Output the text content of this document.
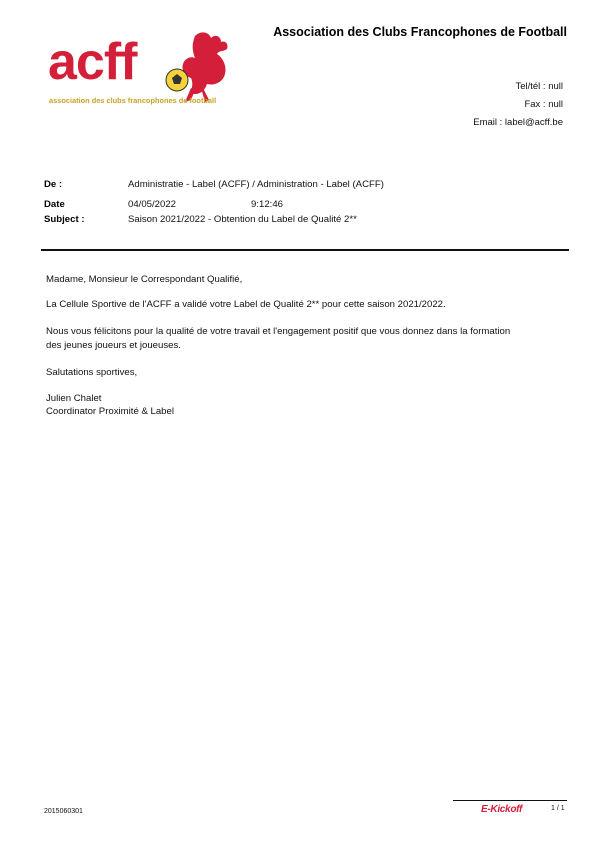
acff
association des clubs francophones de football
Association des Clubs Francophones de Football
Tel/tél : null
Fax : null
Email : label@acff.be
De :	Administratie - Label (ACFF) / Administration - Label (ACFF)
Date	04/05/2022	9:12:46
Subject :	Saison 2021/2022 - Obtention du Label de Qualité 2**
Madame, Monsieur le Correspondant Qualifié,
La Cellule Sportive de l'ACFF a validé votre Label de Qualité 2** pour cette saison 2021/2022.
Nous vous félicitons pour la qualité de votre travail et l'engagement positif que vous donnez dans la formation
des jeunes joueurs et joueuses.
Salutations sportives,
Julien Chalet
Coordinator Proximité & Label
2015060301	E-Kickoff	1 / 1
